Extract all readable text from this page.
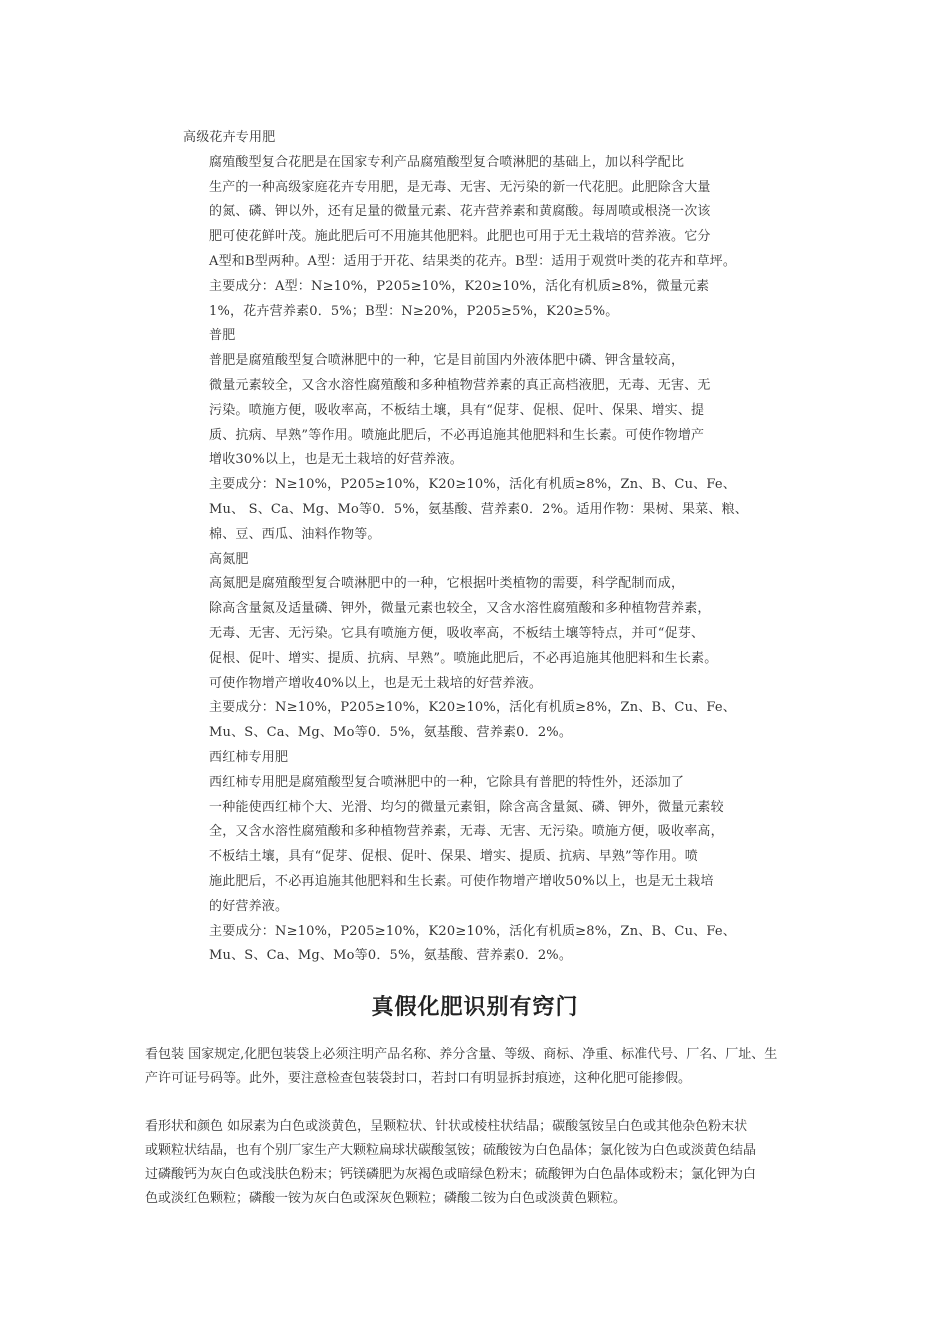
高级花卉专用肥
腐殖酸型复合花肥是在国家专利产品腐殖酸型复合喷淋肥的基础上，加以科学配比
生产的一种高级家庭花卉专用肥，是无毒、无害、无污染的新一代花肥。此肥除含大量
的氮、磷、钾以外，还有足量的微量元素、花卉营养素和黄腐酸。每周喷或根浇一次该
肥可使花鲜叶茂。施此肥后可不用施其他肥料。此肥也可用于无土栽培的营养液。它分
A型和B型两种。A型：适用于开花、结果类的花卉。B型：适用于观赏叶类的花卉和草坪。
主要成分：A型：N≥10%，P205≥10%，K20≥10%，活化有机质≥8%，微量元素
1%，花卉营养素0．5%；B型：N≥20%，P205≥5%，K20≥5%。
普肥
普肥是腐殖酸型复合喷淋肥中的一种，它是目前国内外液体肥中磷、钾含量较高，
微量元素较全，又含水溶性腐殖酸和多种植物营养素的真正高档液肥，无毒、无害、无
污染。喷施方便，吸收率高，不板结土壤，具有“促芽、促根、促叶、保果、增实、提
质、抗病、早熟”等作用。喷施此肥后，不必再追施其他肥料和生长素。可使作物增产
增收30%以上，也是无土栽培的好营养液。
主要成分：N≥10%，P205≥10%，K20≥10%，活化有机质≥8%，Zn、B、Cu、Fe、
Mu、 S、Ca、Mg、Mo等0．5%，氨基酸、营养素0．2%。适用作物：果树、果菜、粮、
棉、豆、西瓜、油料作物等。
高氮肥
高氮肥是腐殖酸型复合喷淋肥中的一种，它根据叶类植物的需要，科学配制而成，
除高含量氮及适量磷、钾外，微量元素也较全，又含水溶性腐殖酸和多种植物营养素，
无毒、无害、无污染。它具有喷施方便，吸收率高，不板结土壤等特点，并可“促芽、
促根、促叶、增实、提质、抗病、早熟”。喷施此肥后，不必再追施其他肥料和生长素。
可使作物增产增收40%以上，也是无土栽培的好营养液。
主要成分：N≥10%，P205≥10%，K20≥10%，活化有机质≥8%，Zn、B、Cu、Fe、
Mu、S、Ca、Mg、Mo等0．5%，氨基酸、营养素0．2%。
西红柿专用肥
西红柿专用肥是腐殖酸型复合喷淋肥中的一种，它除具有普肥的特性外，还添加了
一种能使西红柿个大、光滑、均匀的微量元素钼，除含高含量氮、磷、钾外，微量元素较
全，又含水溶性腐殖酸和多种植物营养素，无毒、无害、无污染。喷施方便，吸收率高，
不板结土壤，具有“促芽、促根、促叶、保果、增实、提质、抗病、早熟”等作用。喷
施此肥后，不必再追施其他肥料和生长素。可使作物增产增收50%以上，也是无土栽培
的好营养液。
主要成分：N≥10%，P205≥10%，K20≥10%，活化有机质≥8%，Zn、B、Cu、Fe、
Mu、S、Ca、Mg、Mo等0．5%，氨基酸、营养素0．2%。
真假化肥识别有窍门
看包装 国家规定,化肥包装袋上必须注明产品名称、养分含量、等级、商标、净重、标准代号、厂名、厂址、生
产许可证号码等。此外，要注意检查包装袋封口，若封口有明显拆封痕迹，这种化肥可能掺假。
看形状和颜色 如尿素为白色或淡黄色，呈颗粒状、针状或棱柱状结晶；碳酸氢铵呈白色或其他杂色粉末状
或颗粒状结晶，也有个别厂家生产大颗粒扁球状碳酸氢铵；硫酸铵为白色晶体；氯化铵为白色或淡黄色结晶
过磷酸钙为灰白色或浅肤色粉末；钙镁磷肥为灰褐色或暗绿色粉末；硫酸钾为白色晶体或粉末；氯化钾为白
色或淡红色颗粒；磷酸一铵为灰白色或深灰色颗粒；磷酸二铵为白色或淡黄色颗粒。
